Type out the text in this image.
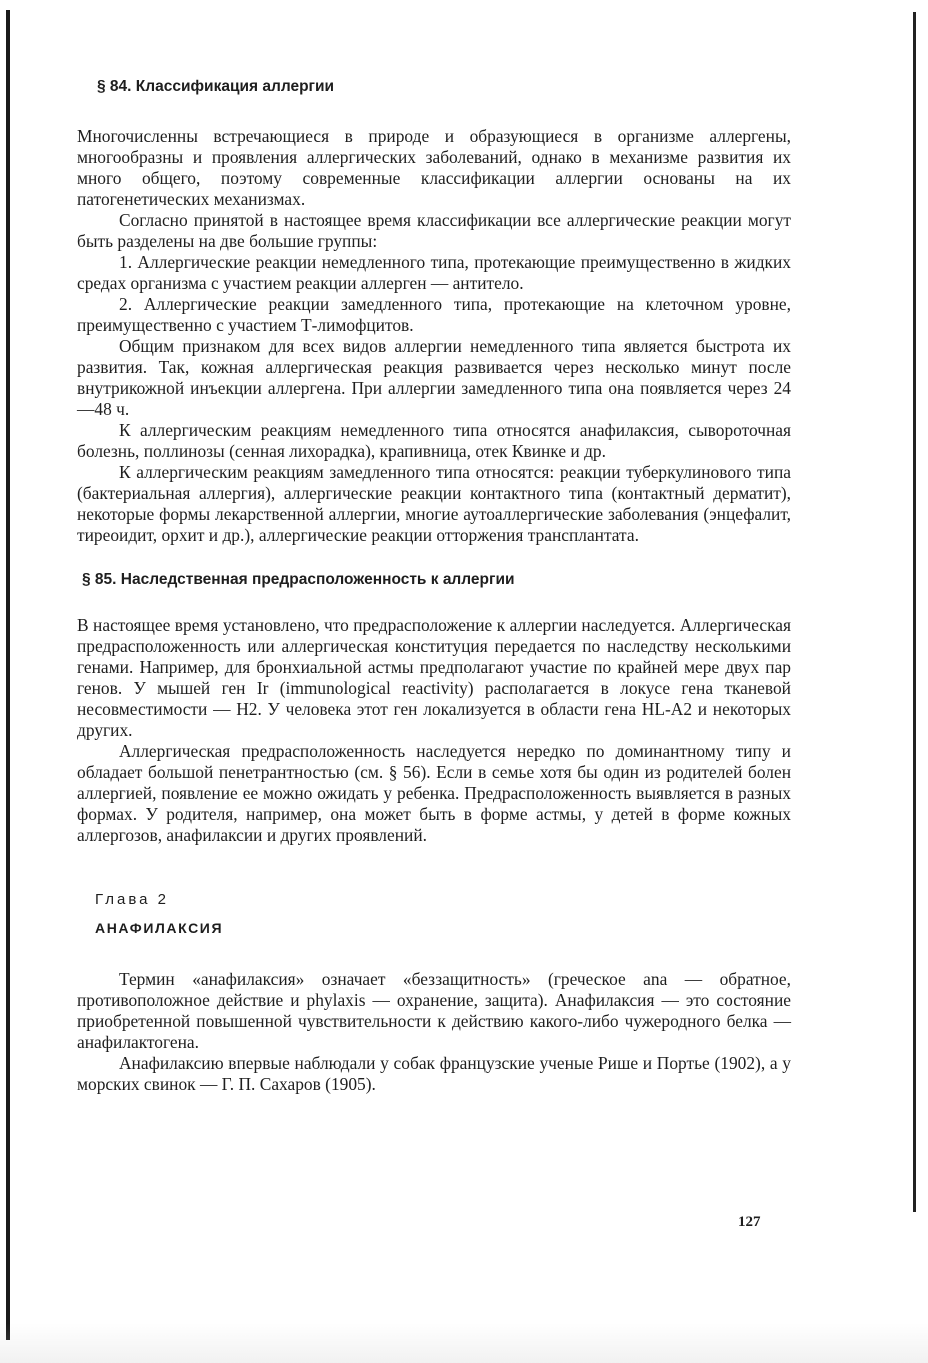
§ 84. Классификация аллергии

Многочисленны встречающиеся в природе и образующиеся в организме аллергены, многообразны и проявления аллергических заболеваний, однако в механизме развития их много общего, поэтому современные классификации аллергии основаны на их патогенетических механизмах.

Согласно принятой в настоящее время классификации все аллергические реакции могут быть разделены на две большие группы:

1. Аллергические реакции немедленного типа, протекающие преимущественно в жидких средах организма с участием реакции аллерген — антитело.

2. Аллергические реакции замедленного типа, протекающие на клеточном уровне, преимущественно с участием Т-лимофцитов.

Общим признаком для всех видов аллергии немедленного типа является быстрота их развития. Так, кожная аллергическая реакция развивается через несколько минут после внутрикожной инъекции аллергена. При аллергии замедленного типа она появляется через 24—48 ч.

К аллергическим реакциям немедленного типа относятся анафилаксия, сывороточная болезнь, поллинозы (сенная лихорадка), крапивница, отек Квинке и др.

К аллергическим реакциям замедленного типа относятся: реакции туберкулинового типа (бактериальная аллергия), аллергические реакции контактного типа (контактный дерматит), некоторые формы лекарственной аллергии, многие аутоаллергические заболевания (энцефалит, тиреоидит, орхит и др.), аллергические реакции отторжения трансплантата.

§ 85. Наследственная предрасположенность к аллергии

В настоящее время установлено, что предрасположение к аллергии наследуется. Аллергическая предрасположенность или аллергическая конституция передается по наследству несколькими генами. Например, для бронхиальной астмы предполагают участие по крайней мере двух пар генов. У мышей ген Ir (immunological reactivity) располагается в локусе гена тканевой несовместимости — H2. У человека этот ген локализуется в области гена HL-A2 и некоторых других.

Аллергическая предрасположенность наследуется нередко по доминантному типу и обладает большой пенетрантностью (см. § 56). Если в семье хотя бы один из родителей болен аллергией, появление ее можно ожидать у ребенка. Предрасположенность выявляется в разных формах. У родителя, например, она может быть в форме астмы, у детей в форме кожных аллергозов, анафилаксии и других проявлений.

Глава 2
АНАФИЛАКСИЯ

Термин «анафилаксия» означает «беззащитность» (греческое ana — обратное, противоположное действие и phylaxis — охранение, защита). Анафилаксия — это состояние приобретенной повышенной чувствительности к действию какого-либо чужеродного белка — анафилактогена.

Анафилаксию впервые наблюдали у собак французские ученые Рише и Портье (1902), а у морских свинок — Г. П. Сахаров (1905).

127
